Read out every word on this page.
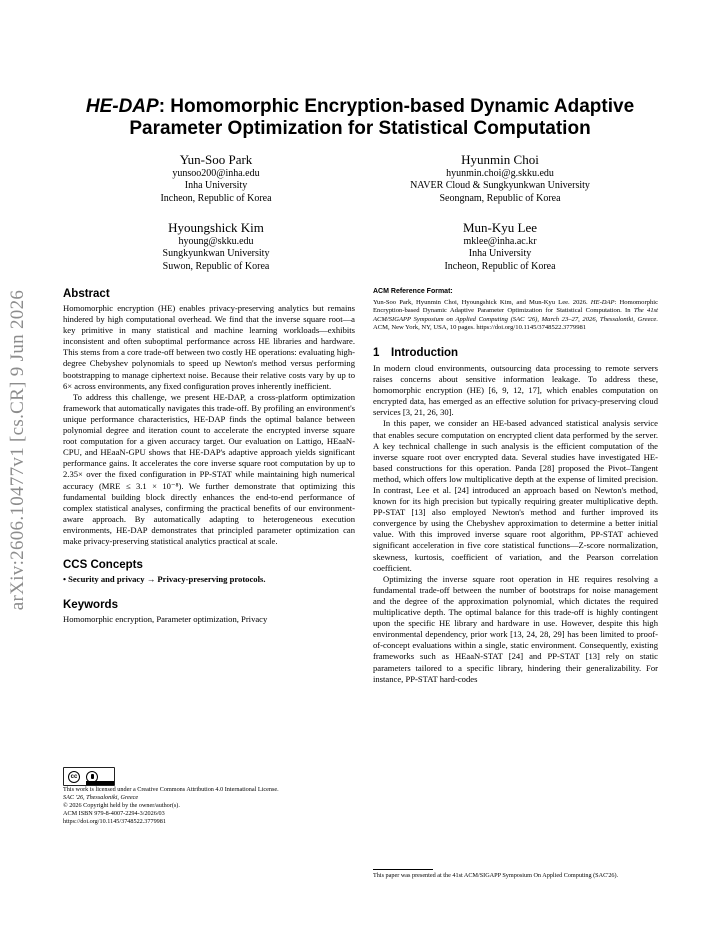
arXiv:2606.10477v1 [cs.CR] 9 Jun 2026
HE-DAP: Homomorphic Encryption-based Dynamic Adaptive Parameter Optimization for Statistical Computation
Yun-Soo Park
yunsoo200@inha.edu
Inha University
Incheon, Republic of Korea
Hyunmin Choi
hyunmin.choi@g.skku.edu
NAVER Cloud & Sungkyunkwan University
Seongnam, Republic of Korea
Hyoungshick Kim
hyoung@skku.edu
Sungkyunkwan University
Suwon, Republic of Korea
Mun-Kyu Lee
mklee@inha.ac.kr
Inha University
Incheon, Republic of Korea
Abstract

Homomorphic encryption (HE) enables privacy-preserving analytics but remains hindered by high computational overhead. We find that the inverse square root—a key primitive in many statistical and machine learning workloads—exhibits inconsistent and often suboptimal performance across HE libraries and hardware. This stems from a core trade-off between two costly HE operations: evaluating high-degree Chebyshev polynomials to speed up Newton's method versus performing bootstrapping to manage ciphertext noise. Because their relative costs vary by up to 6× across environments, any fixed configuration proves inherently inefficient.

To address this challenge, we present HE-DAP, a cross-platform optimization framework that automatically navigates this trade-off. By profiling an environment's unique performance characteristics, HE-DAP finds the optimal balance between polynomial degree and iteration count to accelerate the encrypted inverse square root computation for a given accuracy target. Our evaluation on Lattigo, HEaaN-CPU, and HEaaN-GPU shows that HE-DAP's adaptive approach yields significant performance gains. It accelerates the core inverse square root computation by up to 2.35× over the fixed configuration in PP-STAT while maintaining high numerical accuracy (MRE ≤ 3.1 × 10⁻⁸). We further demonstrate that optimizing this fundamental building block directly enhances the end-to-end performance of complex statistical analyses, confirming the practical benefits of our environment-aware approach. By automatically adapting to heterogeneous execution environments, HE-DAP demonstrates that principled parameter optimization can make privacy-preserving statistical analytics practical at scale.

CCS Concepts
• Security and privacy → Privacy-preserving protocols.
Keywords
Homomorphic encryption, Parameter optimization, Privacy
cc
This work is licensed under a Creative Commons Attribution 4.0 International License.
SAC '26, Thessaloniki, Greece
© 2026 Copyright held by the owner/author(s).
ACM ISBN 979-8-4007-2294-3/2026/03
https://doi.org/10.1145/3748522.3779981
ACM Reference Format:
Yun-Soo Park, Hyunmin Choi, Hyoungshick Kim, and Mun-Kyu Lee. 2026. HE-DAP: Homomorphic Encryption-based Dynamic Adaptive Parameter Optimization for Statistical Computation. In The 41st ACM/SIGAPP Symposium on Applied Computing (SAC '26), March 23–27, 2026, Thessaloniki, Greece. ACM, New York, NY, USA, 10 pages. https://doi.org/10.1145/3748522.3779981
1 Introduction

In modern cloud environments, outsourcing data processing to remote servers raises concerns about sensitive information leakage. To address these, homomorphic encryption (HE) [6, 9, 12, 17], which enables computation on encrypted data, has emerged as an effective solution for privacy-preserving cloud services [3, 21, 26, 30].

In this paper, we consider an HE-based advanced statistical analysis service that enables secure computation on encrypted client data performed by the server. A key technical challenge in such analysis is the efficient computation of the inverse square root over encrypted data. Several studies have investigated HE-based constructions for this operation. Panda [28] proposed the Pivot–Tangent method, which offers low multiplicative depth at the expense of limited precision. In contrast, Lee et al. [24] introduced an approach based on Newton's method, known for its high precision but typically requiring greater multiplicative depth. PP-STAT [13] also employed Newton's method and further improved its convergence by using the Chebyshev approximation to determine a better initial value. With this improved inverse square root algorithm, PP-STAT achieved significant acceleration in five core statistical functions—Z-score normalization, skewness, kurtosis, coefficient of variation, and the Pearson correlation coefficient.

Optimizing the inverse square root operation in HE requires resolving a fundamental trade-off between the number of bootstraps for noise management and the degree of the approximation polynomial, which dictates the required multiplicative depth. The optimal balance for this trade-off is highly contingent upon the specific HE library and hardware in use. However, despite this high environmental dependency, prior work [13, 24, 28, 29] has been limited to proof-of-concept evaluations within a single, static environment. Consequently, existing frameworks such as HEaaN-STAT [24] and PP-STAT [13] rely on static parameters tailored to a specific library, hindering their generalizability. For instance, PP-STAT hard-codes

This paper was presented at the 41st ACM/SIGAPP Symposium On Applied Computing (SAC'26).
